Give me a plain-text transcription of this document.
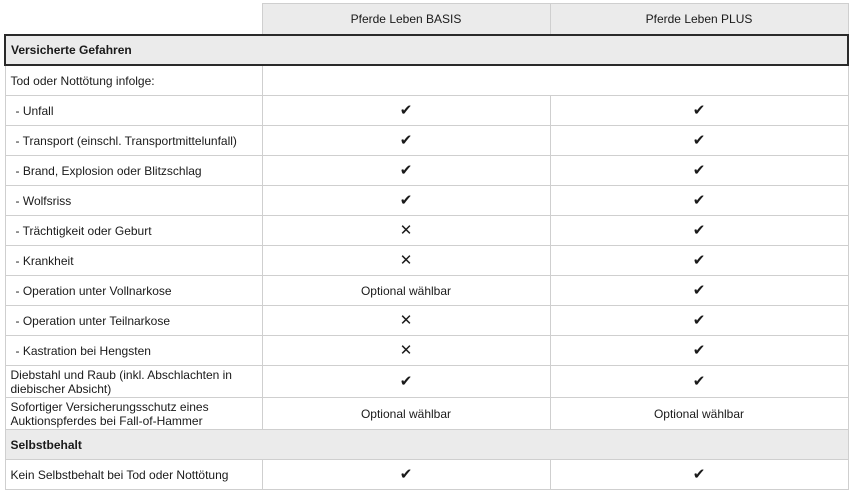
	Pferde Leben BASIS	Pferde Leben PLUS
Versicherte Gefahren		
Tod oder Nottötung infolge:		
- Unfall	✔	✔
- Transport (einschl. Transportmittelunfall)	✔	✔
- Brand, Explosion oder Blitzschlag	✔	✔
- Wolfsriss	✔	✔
- Trächtigkeit oder Geburt	✕	✔
- Krankheit	✕	✔
- Operation unter Vollnarkose	Optional wählbar	✔
- Operation unter Teilnarkose	✕	✔
- Kastration bei Hengsten	✕	✔
Diebstahl und Raub (inkl. Abschlachten in diebischer Absicht)	✔	✔
Sofortiger Versicherungsschutz eines Auktionspferdes bei Fall-of-Hammer	Optional wählbar	Optional wählbar
Selbstbehalt		
Kein Selbstbehalt bei Tod oder Nottötung	✔	✔
